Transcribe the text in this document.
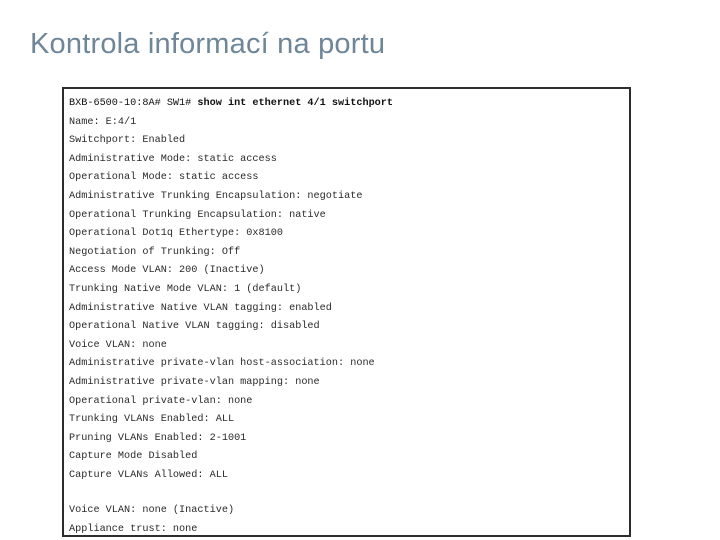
Kontrola informací na portu
BXB-6500-10:8A# SW1# show int ethernet 4/1 switchport
Name: E:4/1
Switchport: Enabled
Administrative Mode: static access
Operational Mode: static access
Administrative Trunking Encapsulation: negotiate
Operational Trunking Encapsulation: native
Operational Dot1q Ethertype: 0x8100
Negotiation of Trunking: Off
Access Mode VLAN: 200 (Inactive)
Trunking Native Mode VLAN: 1 (default)
Administrative Native VLAN tagging: enabled
Operational Native VLAN tagging: disabled
Voice VLAN: none
Administrative private-vlan host-association: none
Administrative private-vlan mapping: none
Operational private-vlan: none
Trunking VLANs Enabled: ALL
Pruning VLANs Enabled: 2-1001
Capture Mode Disabled
Capture VLANs Allowed: ALL
Voice VLAN: none (Inactive)
Appliance trust: none
